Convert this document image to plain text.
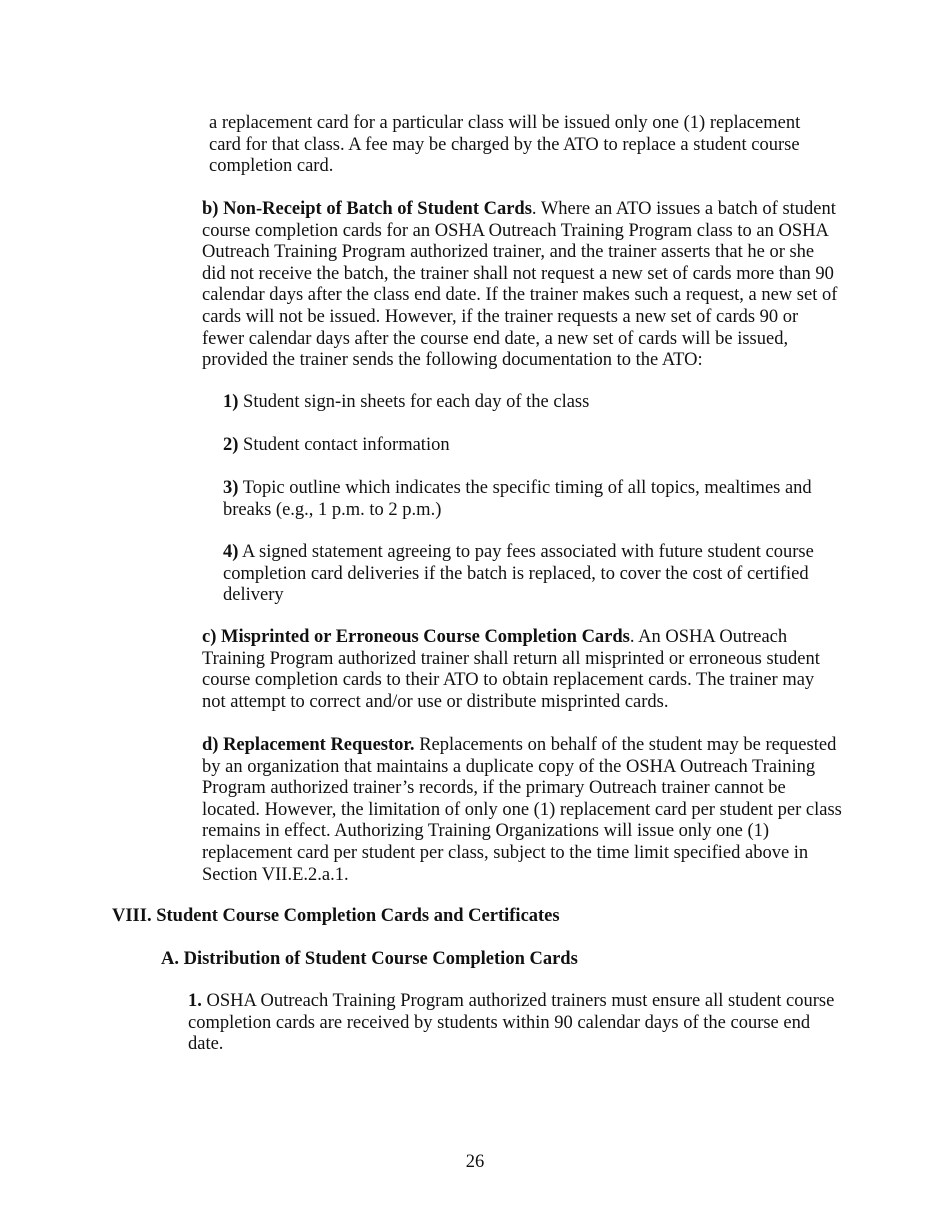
a replacement card for a particular class will be issued only one (1) replacement card for that class. A fee may be charged by the ATO to replace a student course completion card.

b) Non-Receipt of Batch of Student Cards. Where an ATO issues a batch of student course completion cards for an OSHA Outreach Training Program class to an OSHA Outreach Training Program authorized trainer, and the trainer asserts that he or she did not receive the batch, the trainer shall not request a new set of cards more than 90 calendar days after the class end date. If the trainer makes such a request, a new set of cards will not be issued. However, if the trainer requests a new set of cards 90 or fewer calendar days after the course end date, a new set of cards will be issued, provided the trainer sends the following documentation to the ATO:

1) Student sign-in sheets for each day of the class

2) Student contact information

3) Topic outline which indicates the specific timing of all topics, mealtimes and breaks (e.g., 1 p.m. to 2 p.m.)

4) A signed statement agreeing to pay fees associated with future student course completion card deliveries if the batch is replaced, to cover the cost of certified delivery

c) Misprinted or Erroneous Course Completion Cards. An OSHA Outreach Training Program authorized trainer shall return all misprinted or erroneous student course completion cards to their ATO to obtain replacement cards. The trainer may not attempt to correct and/or use or distribute misprinted cards.

d) Replacement Requestor. Replacements on behalf of the student may be requested by an organization that maintains a duplicate copy of the OSHA Outreach Training Program authorized trainer’s records, if the primary Outreach trainer cannot be located. However, the limitation of only one (1) replacement card per student per class remains in effect. Authorizing Training Organizations will issue only one (1) replacement card per student per class, subject to the time limit specified above in Section VII.E.2.a.1.

VIII. Student Course Completion Cards and Certificates
A. Distribution of Student Course Completion Cards

1. OSHA Outreach Training Program authorized trainers must ensure all student course completion cards are received by students within 90 calendar days of the course end date.

26
